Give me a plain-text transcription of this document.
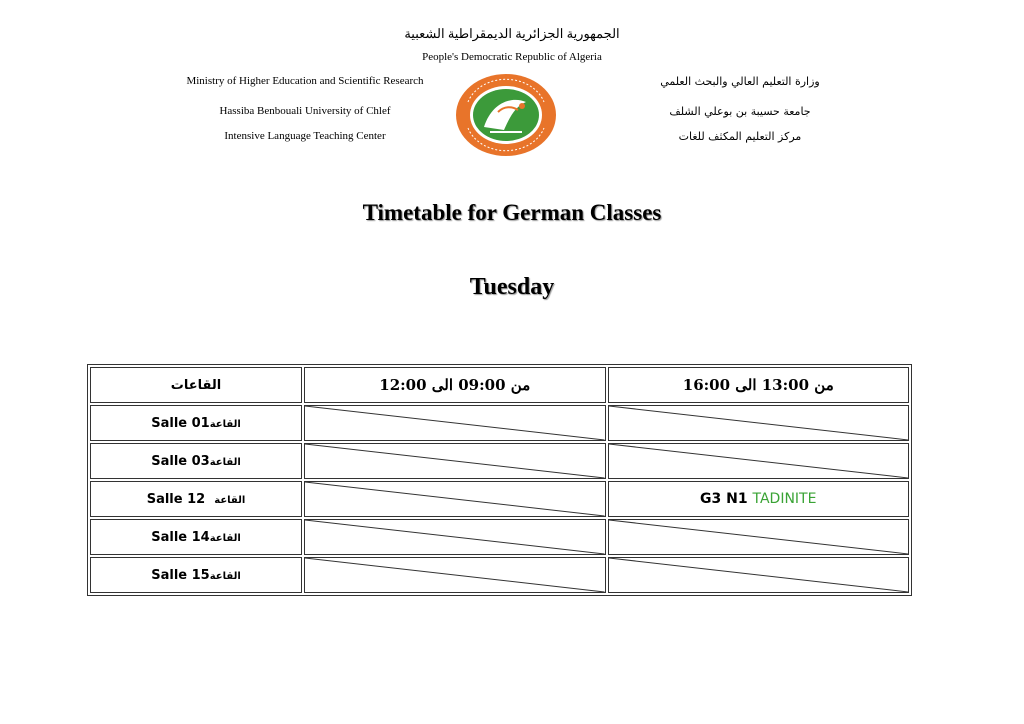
الجمهورية الجزائرية الديمقراطية الشعبية
People's Democratic Republic of Algeria
Ministry of Higher Education and Scientific Research
Hassiba Benbouali University of Chlef
Intensive Language Teaching Center
وزارة التعليم العالي والبحث العلمي
جامعة حسيبة بن بوعلي الشلف
مركز التعليم المكثف للغات
Timetable for German Classes
Tuesday
القاعات	من 09:00 الى 12:00	من 13:00 الى 16:00
Salle 01القاعة	

Salle 03القاعة	

Salle 12 القاعة		G3 N1 TADINITE
Salle 14القاعة	

Salle 15القاعة	
